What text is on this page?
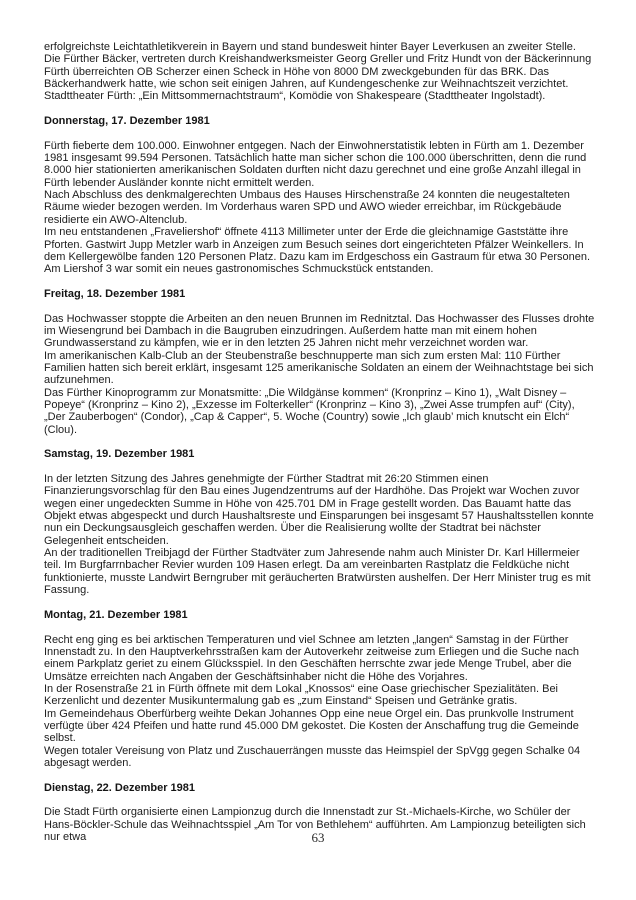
erfolgreichste Leichtathletikverein in Bayern und stand bundesweit hinter Bayer Leverkusen an zweiter Stelle.

Die Fürther Bäcker, vertreten durch Kreishandwerksmeister Georg Greller und Fritz Hundt von der Bäckerinnung Fürth überreichten OB Scherzer einen Scheck in Höhe von 8000 DM zweckgebunden für das BRK. Das Bäckerhandwerk hatte, wie schon seit einigen Jahren, auf Kundengeschenke zur Weihnachtszeit verzichtet.

Stadttheater Fürth: „Ein Mittsommernachtstraum“, Komödie von Shakespeare (Stadttheater Ingolstadt).

Donnerstag, 17. Dezember 1981

Fürth fieberte dem 100.000. Einwohner entgegen. Nach der Einwohnerstatistik lebten in Fürth am 1. Dezember 1981 insgesamt 99.594 Personen. Tatsächlich hatte man sicher schon die 100.000 überschritten, denn die rund 8.000 hier stationierten amerikanischen Soldaten durften nicht dazu gerechnet und eine große Anzahl illegal in Fürth lebender Ausländer konnte nicht ermittelt werden.

Nach Abschluss des denkmalgerechten Umbaus des Hauses Hirschenstraße 24 konnten die neugestalteten Räume wieder bezogen werden. Im Vorderhaus waren SPD und AWO wieder erreichbar, im Rückgebäude residierte ein AWO-Altenclub.

Im neu entstandenen „Fraveliershof“ öffnete 4113 Millimeter unter der Erde die gleichnamige Gaststätte ihre Pforten. Gastwirt Jupp Metzler warb in Anzeigen zum Besuch seines dort eingerichteten Pfälzer Weinkellers. In dem Kellergewölbe fanden 120 Personen Platz. Dazu kam im Erdgeschoss ein Gastraum für etwa 30 Personen. Am Liershof 3 war somit ein neues gastronomisches Schmuckstück entstanden.

Freitag, 18. Dezember 1981

Das Hochwasser stoppte die Arbeiten an den neuen Brunnen im Rednitztal. Das Hochwasser des Flusses drohte im Wiesengrund bei Dambach in die Baugruben einzudringen. Außerdem hatte man mit einem hohen Grundwasserstand zu kämpfen, wie er in den letzten 25 Jahren nicht mehr verzeichnet worden war.

Im amerikanischen Kalb-Club an der Steubenstraße beschnupperte man sich zum ersten Mal: 110 Fürther Familien hatten sich bereit erklärt, insgesamt 125 amerikanische Soldaten an einem der Weihnachtstage bei sich aufzunehmen.

Das Fürther Kinoprogramm zur Monatsmitte: „Die Wildgänse kommen“ (Kronprinz – Kino 1), „Walt Disney – Popeye“ (Kronprinz – Kino 2), „Exzesse im Folterkeller“ (Kronprinz – Kino 3), „Zwei Asse trumpfen auf“ (City), „Der Zauberbogen“ (Condor), „Cap & Capper“, 5. Woche (Country) sowie „Ich glaub’ mich knutscht ein Elch“ (Clou).

Samstag, 19. Dezember 1981

In der letzten Sitzung des Jahres genehmigte der Fürther Stadtrat mit 26:20 Stimmen einen Finanzierungsvorschlag für den Bau eines Jugendzentrums auf der Hardhöhe. Das Projekt war Wochen zuvor wegen einer ungedeckten Summe in Höhe von 425.701 DM in Frage gestellt worden. Das Bauamt hatte das Objekt etwas abgespeckt und durch Haushaltsreste und Einsparungen bei insgesamt 57 Haushaltsstellen konnte nun ein Deckungsausgleich geschaffen werden. Über die Realisierung wollte der Stadtrat bei nächster Gelegenheit entscheiden.

An der traditionellen Treibjagd der Fürther Stadtväter zum Jahresende nahm auch Minister Dr. Karl Hillermeier teil. Im Burgfarrnbacher Revier wurden 109 Hasen erlegt. Da am vereinbarten Rastplatz die Feldküche nicht funktionierte, musste Landwirt Berngruber mit geräucherten Bratwürsten aushelfen. Der Herr Minister trug es mit Fassung.

Montag, 21. Dezember 1981

Recht eng ging es bei arktischen Temperaturen und viel Schnee am letzten „langen“ Samstag in der Fürther Innenstadt zu. In den Hauptverkehrsstraßen kam der Autoverkehr zeitweise zum Erliegen und die Suche nach einem Parkplatz geriet zu einem Glücksspiel. In den Geschäften herrschte zwar jede Menge Trubel, aber die Umsätze erreichten nach Angaben der Geschäftsinhaber nicht die Höhe des Vorjahres.

In der Rosenstraße 21 in Fürth öffnete mit dem Lokal „Knossos“ eine Oase griechischer Spezialitäten. Bei Kerzenlicht und dezenter Musikuntermalung gab es „zum Einstand“ Speisen und Getränke gratis.

Im Gemeindehaus Oberfürberg weihte Dekan Johannes Opp eine neue Orgel ein. Das prunkvolle Instrument verfügte über 424 Pfeifen und hatte rund 45.000 DM gekostet. Die Kosten der Anschaffung trug die Gemeinde selbst.

Wegen totaler Vereisung von Platz und Zuschauerrängen musste das Heimspiel der SpVgg gegen Schalke 04 abgesagt werden.

Dienstag, 22. Dezember 1981

Die Stadt Fürth organisierte einen Lampionzug durch die Innenstadt zur St.-Michaels-Kirche, wo Schüler der Hans-Böckler-Schule das Weihnachtsspiel „Am Tor von Bethlehem“ aufführten. Am Lampionzug beteiligten sich nur etwa	63
